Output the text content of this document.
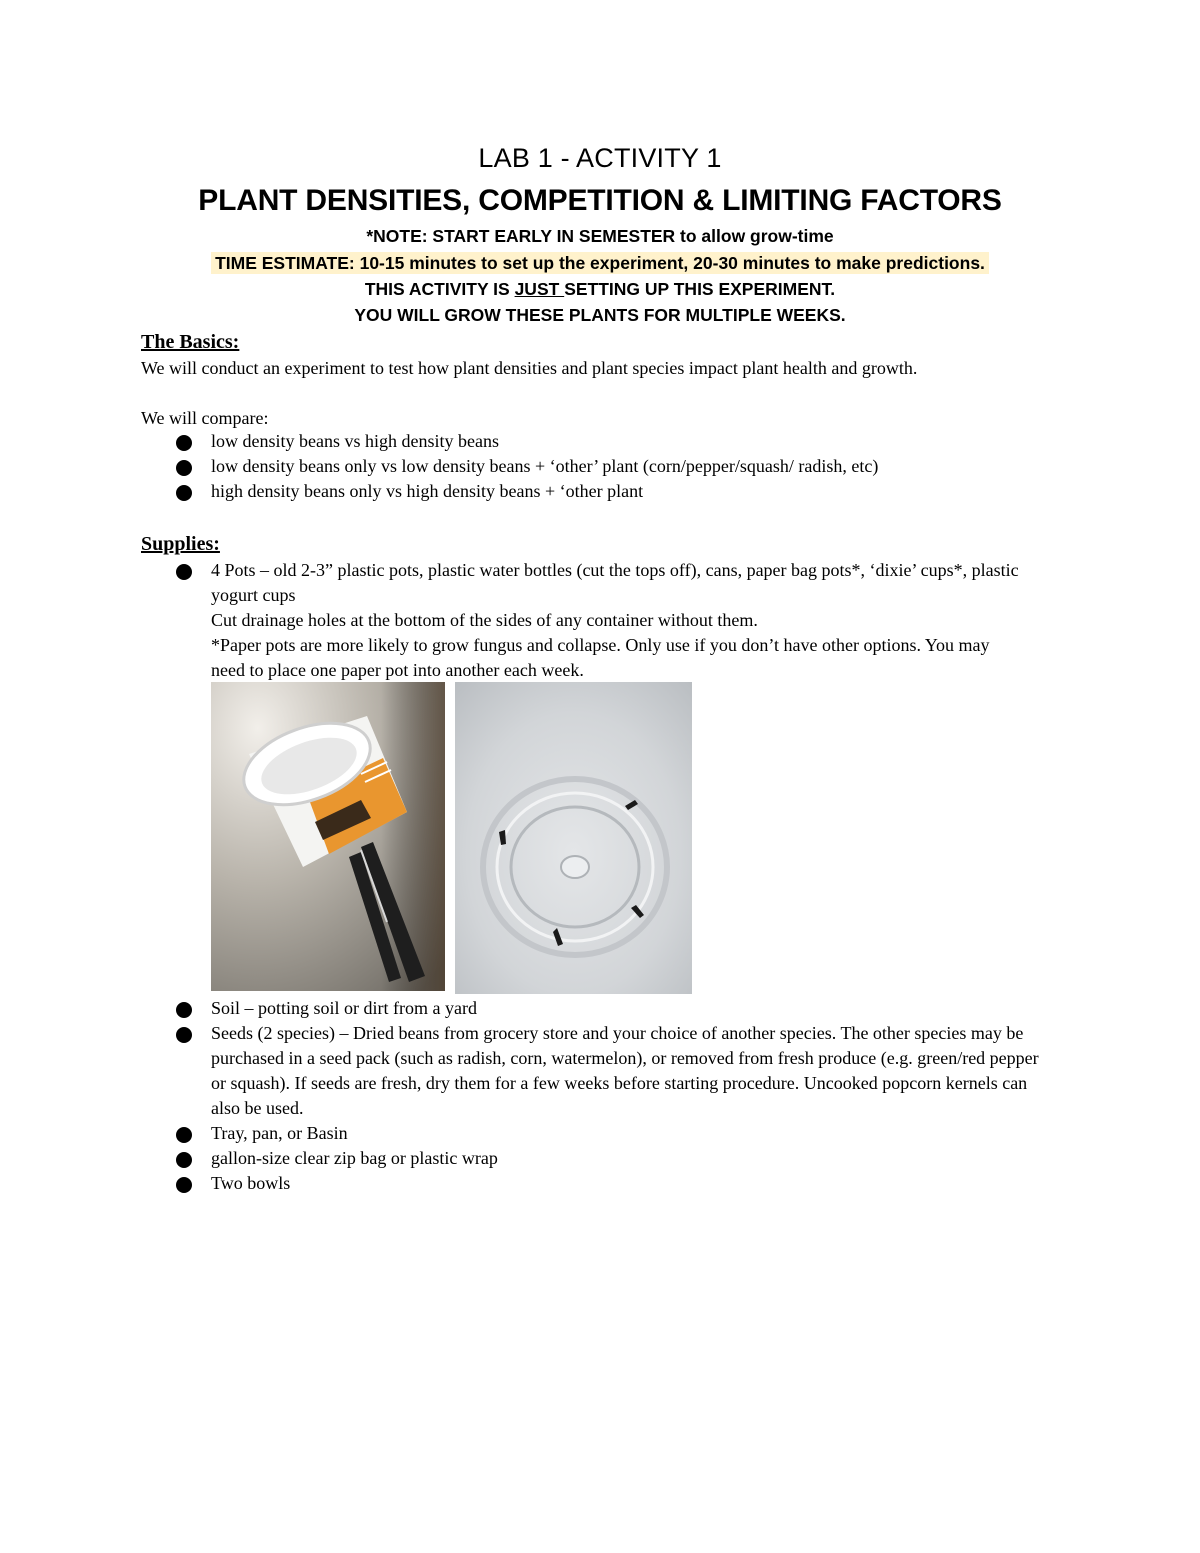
LAB 1 - ACTIVITY 1
PLANT DENSITIES, COMPETITION & LIMITING FACTORS
*NOTE: START EARLY IN SEMESTER to allow grow-time
TIME ESTIMATE: 10-15 minutes to set up the experiment, 20-30 minutes to make predictions.
THIS ACTIVITY IS JUST SETTING UP THIS EXPERIMENT.
YOU WILL GROW THESE PLANTS FOR MULTIPLE WEEKS.
The Basics:
We will conduct an experiment to test how plant densities and plant species impact plant health and growth.
We will compare:
low density beans vs high density beans
low density beans only vs low density beans + ‘other’ plant (corn/pepper/squash/ radish, etc)
high density beans only vs high density beans + ‘other plant
Supplies:
4 Pots – old 2-3” plastic pots, plastic water bottles (cut the tops off), cans, paper bag pots*, ‘dixie’ cups*, plastic yogurt cups
Cut drainage holes at the bottom of the sides of any container without them.
*Paper pots are more likely to grow fungus and collapse. Only use if you don’t have other options. You may need to place one paper pot into another each week.
Soil – potting soil or dirt from a yard
Seeds (2 species) – Dried beans from grocery store and your choice of another species. The other species may be purchased in a seed pack (such as radish, corn, watermelon), or removed from fresh produce (e.g. green/red pepper or squash). If seeds are fresh, dry them for a few weeks before starting procedure. Uncooked popcorn kernels can also be used.
Tray, pan, or Basin
gallon-size clear zip bag or plastic wrap
Two bowls
